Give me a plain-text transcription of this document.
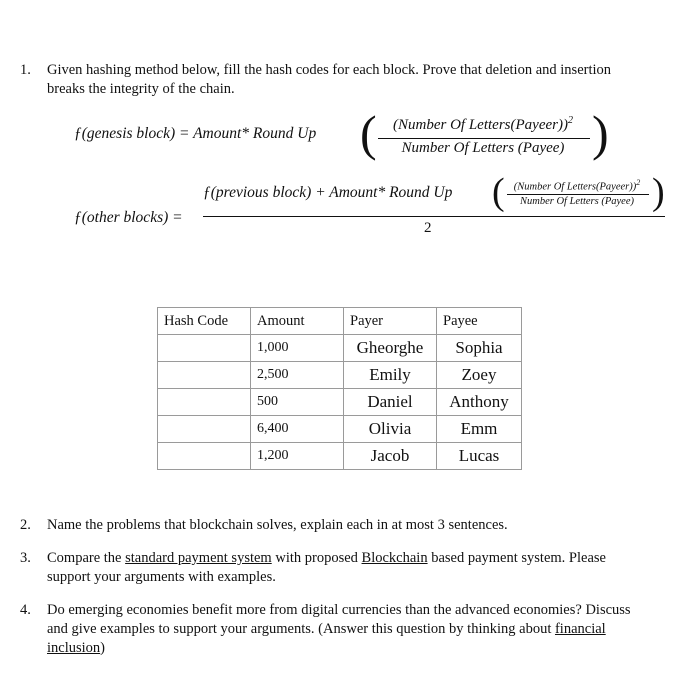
1. Given hashing method below, fill the hash codes for each block. Prove that deletion and insertion
breaks the integrity of the chain.
ƒ(genesis block) = Amount* Round Up (	(Number Of Letters(Payeer))$^2$
Number Of Letters (Payee) )
ƒ(other blocks) =
ƒ(previous block) + Amount* Round Up ( (Number Of Letters(Payeer))$^2$
Number Of Letters (Payee) )
2
Hash Code	Amount	Payer	Payee
	1,000	Gheorghe	Sophia
	2,500	Emily	Zoey
	500	Daniel	Anthony
	6,400	Olivia	Emm
	1,200	Jacob	Lucas
2. Name the problems that blockchain solves, explain each in at most 3 sentences.
3. Compare the standard payment system with proposed Blockchain based payment system. Please
support your arguments with examples.
4. Do emerging economies benefit more from digital currencies than the advanced economies? Discuss
and give examples to support your arguments. (Answer this question by thinking about financial
inclusion)
